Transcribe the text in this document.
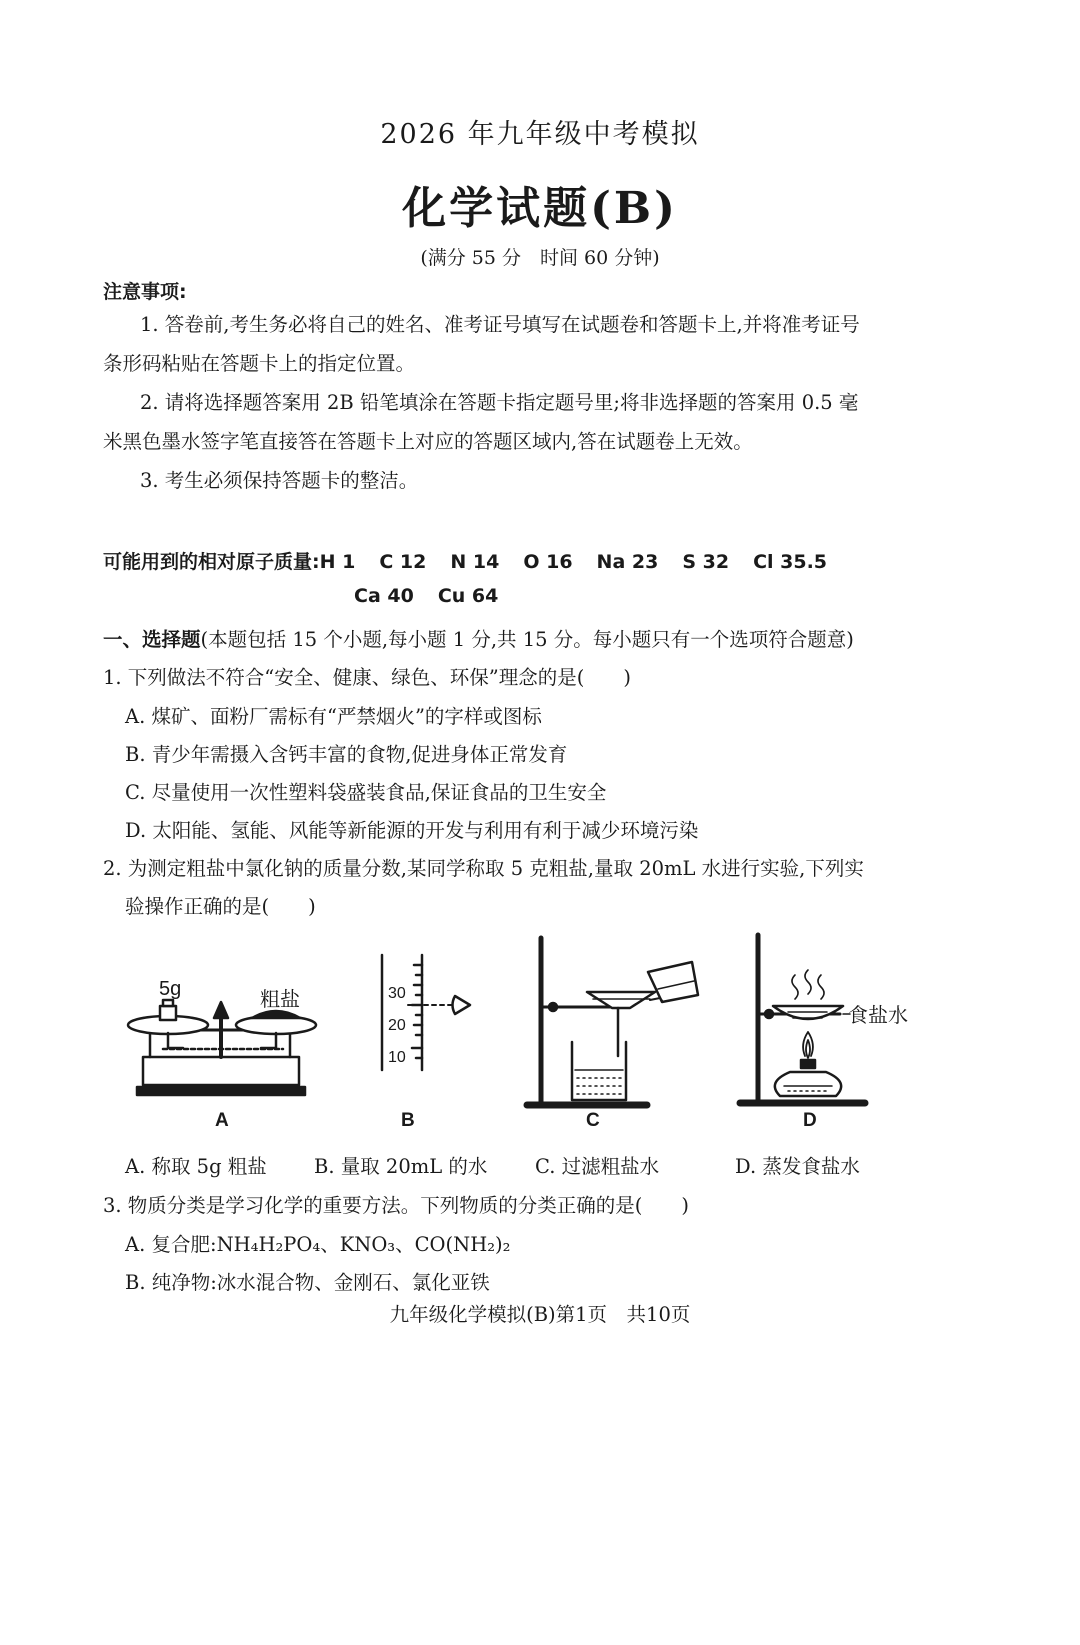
2026 年九年级中考模拟
化学试题(B)
(满分 55 分　时间 60 分钟)
注意事项:
1. 答卷前,考生务必将自己的姓名、准考证号填写在试题卷和答题卡上,并将准考证号
条形码粘贴在答题卡上的指定位置。
2. 请将选择题答案用 2B 铅笔填涂在答题卡指定题号里;将非选择题的答案用 0.5 毫
米黑色墨水签字笔直接答在答题卡上对应的答题区域内,答在试题卷上无效。
3. 考生必须保持答题卡的整洁。
可能用到的相对原子质量:H 1 C 12 N 14 O 16 Na 23 S 32 Cl 35.5
Ca 40 Cu 64
一、选择题(本题包括 15 个小题,每小题 1 分,共 15 分。每小题只有一个选项符合题意)
1. 下列做法不符合“安全、健康、绿色、环保”理念的是(　　)
A. 煤矿、面粉厂需标有“严禁烟火”的字样或图标
B. 青少年需摄入含钙丰富的食物,促进身体正常发育
C. 尽量使用一次性塑料袋盛装食品,保证食品的卫生安全
D. 太阳能、氢能、风能等新能源的开发与利用有利于减少环境污染
2. 为测定粗盐中氯化钠的质量分数,某同学称取 5 克粗盐,量取 20mL 水进行实验,下列实
验操作正确的是(　　)
5g	粗盐	30
20
10
食盐水
A	B	C	D
A. 称取 5g 粗盐 B. 量取 20mL 的水 C. 过滤粗盐水	D. 蒸发食盐水
3. 物质分类是学习化学的重要方法。下列物质的分类正确的是(　　)
A. 复合肥:NH₄H₂PO₄、KNO₃、CO(NH₂)₂
B. 纯净物:冰水混合物、金刚石、氯化亚铁
九年级化学模拟(B)第1页　共10页
